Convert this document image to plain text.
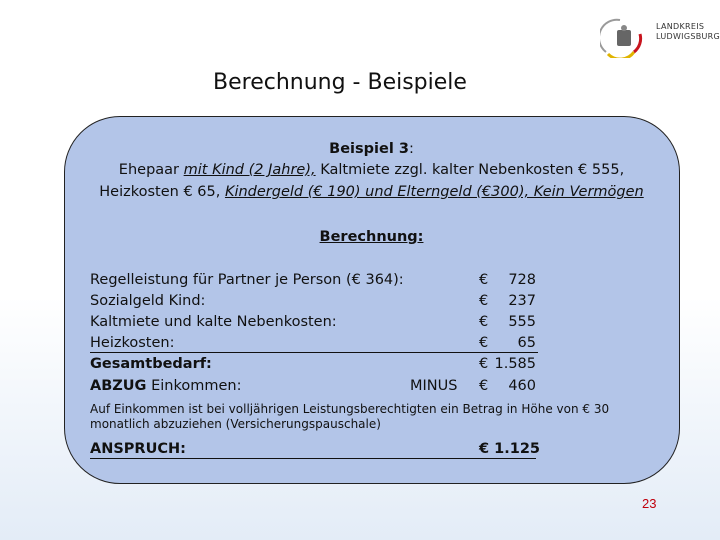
LANDKREIS
LUDWIGSBURG
Berechnung - Beispiele
Beispiel 3:
Ehepaar mit Kind (2 Jahre), Kaltmiete zzgl. kalter Nebenkosten € 555,
Heizkosten € 65, Kindergeld (€ 190) und Elterngeld (€300), Kein Vermögen
Berechnung:
Regelleistung für Partner je Person (€ 364):	€	728
Sozialgeld Kind:	€	237
Kaltmiete und kalte Nebenkosten:	€	555
Heizkosten:	€	65
Gesamtbedarf:	€ 1.585
ABZUG Einkommen:	MINUS €	460
Auf Einkommen ist bei volljährigen Leistungsberechtigten ein Betrag in Höhe von € 30 monatlich abzuziehen (Versicherungspauschale)
ANSPRUCH:	€ 1.125
23
